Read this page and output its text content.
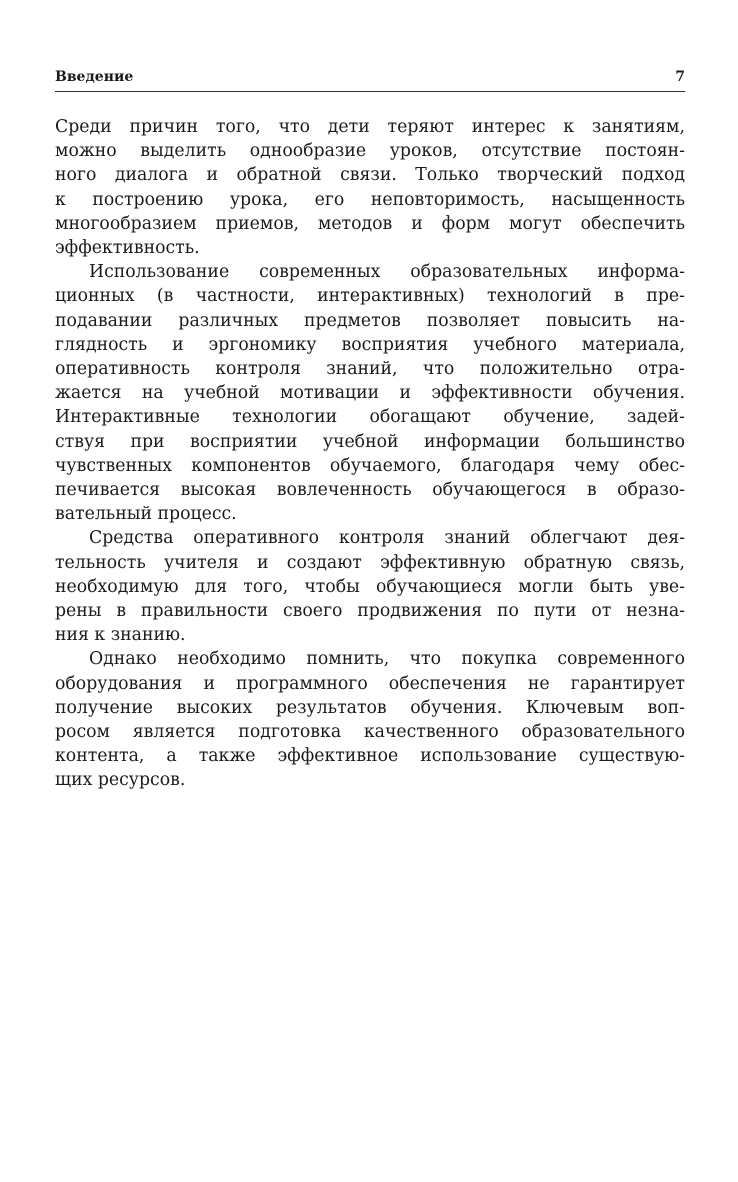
Введение	7

Среди причин того, что дети теряют интерес к занятиям,

можно выделить однообразие уроков, отсутствие постоян-

ного диалога и обратной связи. Только творческий подход

к построению урока, его неповторимость, насыщенность

многообразием приемов, методов и форм могут обеспечить

эффективность.

Использование современных образовательных информа-

ционных (в частности, интерактивных) технологий в пре-

подавании различных предметов позволяет повысить на-

глядность и эргономику восприятия учебного материала,

оперативность контроля знаний, что положительно отра-

жается на учебной мотивации и эффективности обучения.

Интерактивные технологии обогащают обучение, задей-

ствуя при восприятии учебной информации большинство

чувственных компонентов обучаемого, благодаря чему обес-

печивается высокая вовлеченность обучающегося в образо-

вательный процесс.

Средства оперативного контроля знаний облегчают дея-

тельность учителя и создают эффективную обратную связь,

необходимую для того, чтобы обучающиеся могли быть уве-

рены в правильности своего продвижения по пути от незна-

ния к знанию.

Однако необходимо помнить, что покупка современного

оборудования и программного обеспечения не гарантирует

получение высоких результатов обучения. Ключевым воп-

росом является подготовка качественного образовательного

контента, а также эффективное использование существую-

щих ресурсов.
